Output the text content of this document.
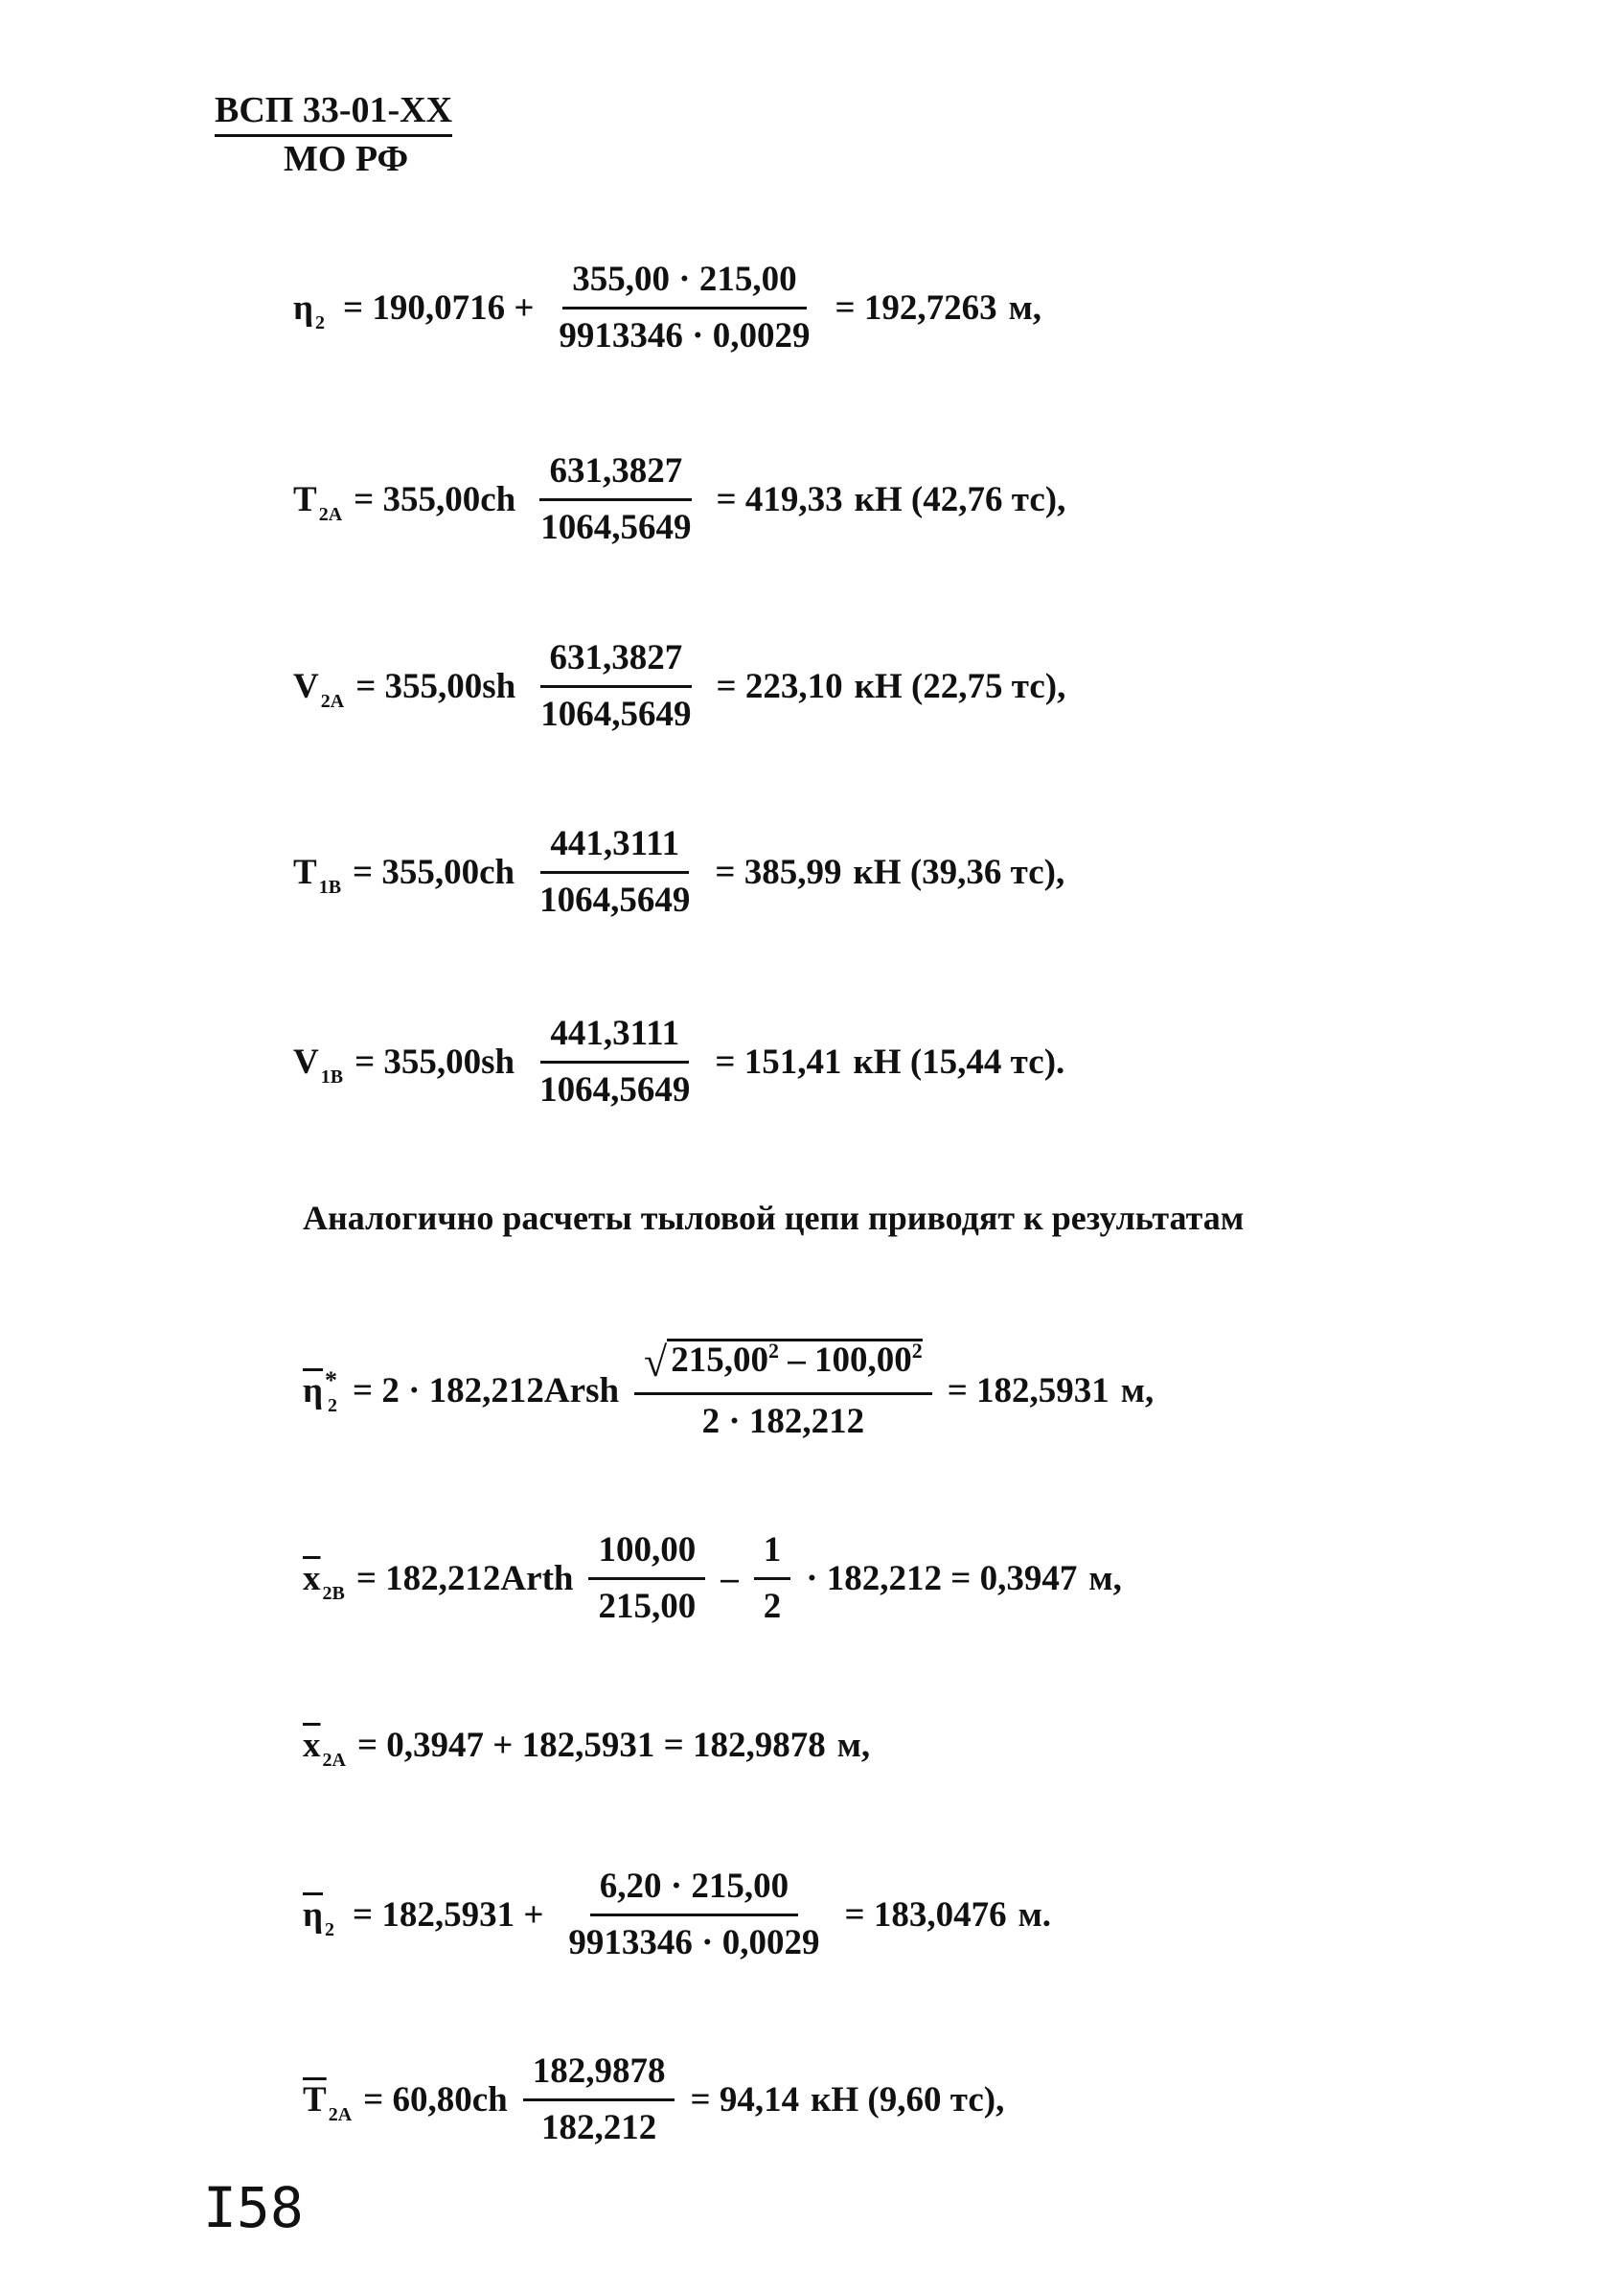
ВСП 33-01-XX
МО РФ
η $_2 = 190,0716 + \frac{355,00 \cdot 215,00}{9913346 \cdot 0,0029} = 192,7263$ м,
T $_{2A} = 355,00ch \frac{631,3827}{1064,5649} = 419,33$ кН (42,76 тс),
V $_{2A} = 355,00sh \frac{631,3827}{1064,5649} = 223,10$ кН (22,75 тс),
T $_{1B} = 355,00ch \frac{441,3111}{1064,5649} = 385,99$ кН (39,36 тс),
V $_{1B} = 355,00sh \frac{441,3111}{1064,5649} = 151,41$ кН (15,44 тс).
Аналогично расчеты тыловой цепи приводят к результатам
$\overline{\eta}^*_2 = 2$ · 182,212Arsh $\frac{√ 215,00^2 - 100,00^2}{2 \cdot 182,212} = 182,5931$ м,
$\overline{x}$ $_{2B}$ = 182,212Arth $\frac{100,00}{215,00} - \frac{1}{2} \cdot 182,212 = 0,3947$ м,
$\overline{x}$ $_{2A}$ = 0,3947 + 182,5931 = 182,9878 м,
$\overline{\eta}$ $_2 = 182,5931 + \frac{6,20 \cdot 215,00}{9913346 \cdot 0,0029} = 183,0476$ м.
$\overline{T}$ $_{2A} = 60,80ch \frac{182,9878}{182,212} = 94,14$ кН (9,60 тс),
I58
